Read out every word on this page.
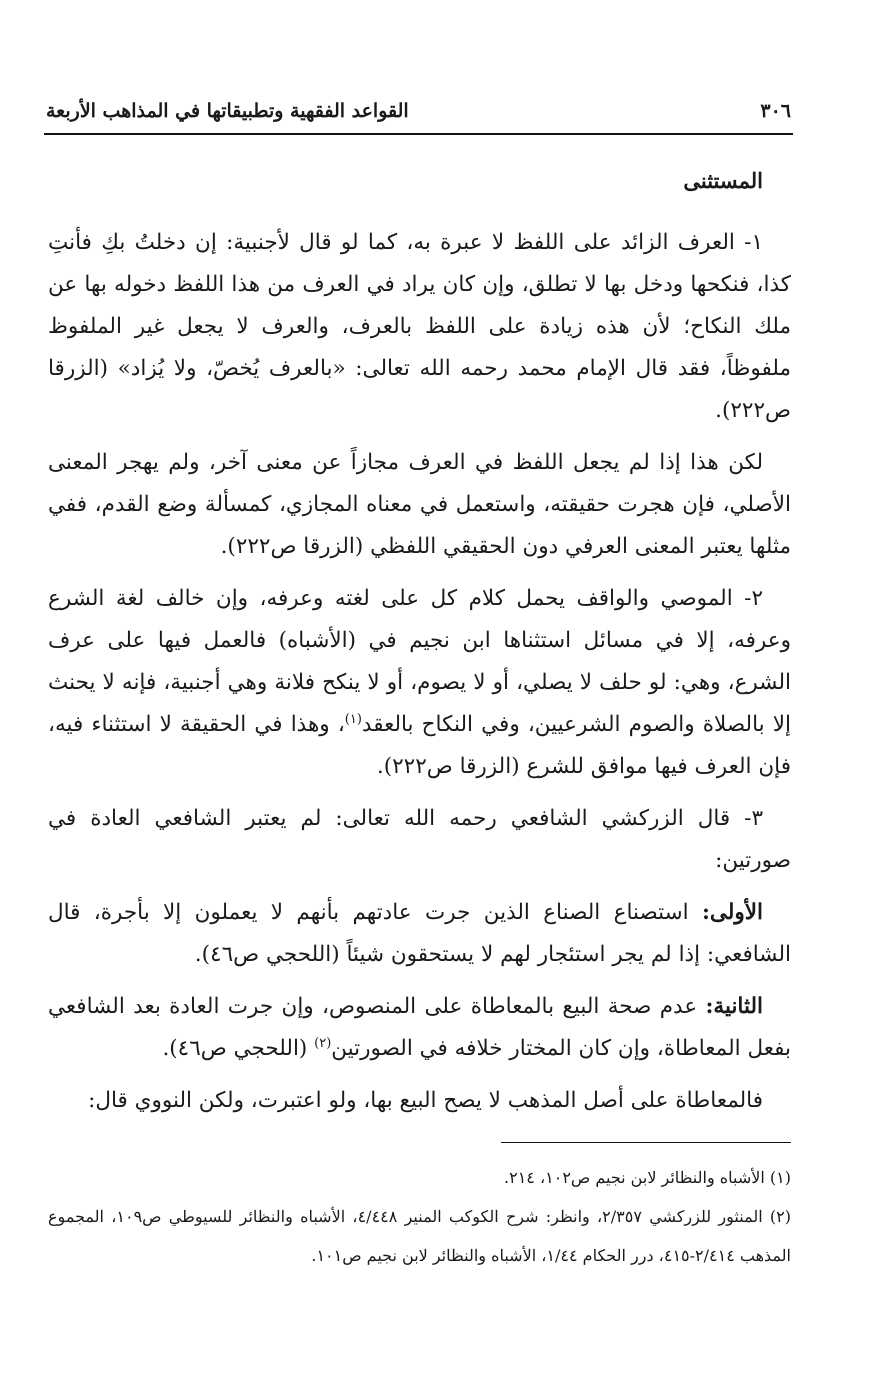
٣٠٦
القواعد الفقهية وتطبيقاتها في المذاهب الأربعة
المستثنى

١- العرف الزائد على اللفظ لا عبرة به، كما لو قال لأجنبية: إن دخلتُ بكِ فأنتِ كذا، فنكحها ودخل بها لا تطلق، وإن كان يراد في العرف من هذا اللفظ دخوله بها عن ملك النكاح؛ لأن هذه زيادة على اللفظ بالعرف، والعرف لا يجعل غير الملفوظ ملفوظاً، فقد قال الإمام محمد رحمه الله تعالى: «بالعرف يُخصّ، ولا يُزاد» (الزرقا ص٢٢٢).

لكن هذا إذا لم يجعل اللفظ في العرف مجازاً عن معنى آخر، ولم يهجر المعنى الأصلي، فإن هجرت حقيقته، واستعمل في معناه المجازي، كمسألة وضع القدم، ففي مثلها يعتبر المعنى العرفي دون الحقيقي اللفظي (الزرقا ص٢٢٢).

٢- الموصي والواقف يحمل كلام كل على لغته وعرفه، وإن خالف لغة الشرع وعرفه، إلا في مسائل استثناها ابن نجيم في (الأشباه) فالعمل فيها على عرف الشرع، وهي: لو حلف لا يصلي، أو لا يصوم، أو لا ينكح فلانة وهي أجنبية، فإنه لا يحنث إلا بالصلاة والصوم الشرعيين، وفي النكاح بالعقد$^{(١)}$، وهذا في الحقيقة لا استثناء فيه، فإن العرف فيها موافق للشرع (الزرقا ص٢٢٢).

٣- قال الزركشي الشافعي رحمه الله تعالى: لم يعتبر الشافعي العادة في صورتين:

الأولى: استصناع الصناع الذين جرت عادتهم بأنهم لا يعملون إلا بأجرة، قال الشافعي: إذا لم يجر استئجار لهم لا يستحقون شيئاً (اللحجي ص٤٦).

الثانية: عدم صحة البيع بالمعاطاة على المنصوص، وإن جرت العادة بعد الشافعي بفعل المعاطاة، وإن كان المختار خلافه في الصورتين$^{(٢)}$ (اللحجي ص٤٦).

فالمعاطاة على أصل المذهب لا يصح البيع بها، ولو اعتبرت، ولكن النووي قال:

(١) الأشباه والنظائر لابن نجيم ص١٠٢، ٢١٤.

(٢) المنثور للزركشي ٢/٣٥٧، وانظر: شرح الكوكب المنير ٤/٤٤٨، الأشباه والنظائر للسيوطي ص١٠٩، المجموع المذهب ٢/٤١٤-٤١٥، درر الحكام ١/٤٤، الأشباه والنظائر لابن نجيم ص١٠١.
